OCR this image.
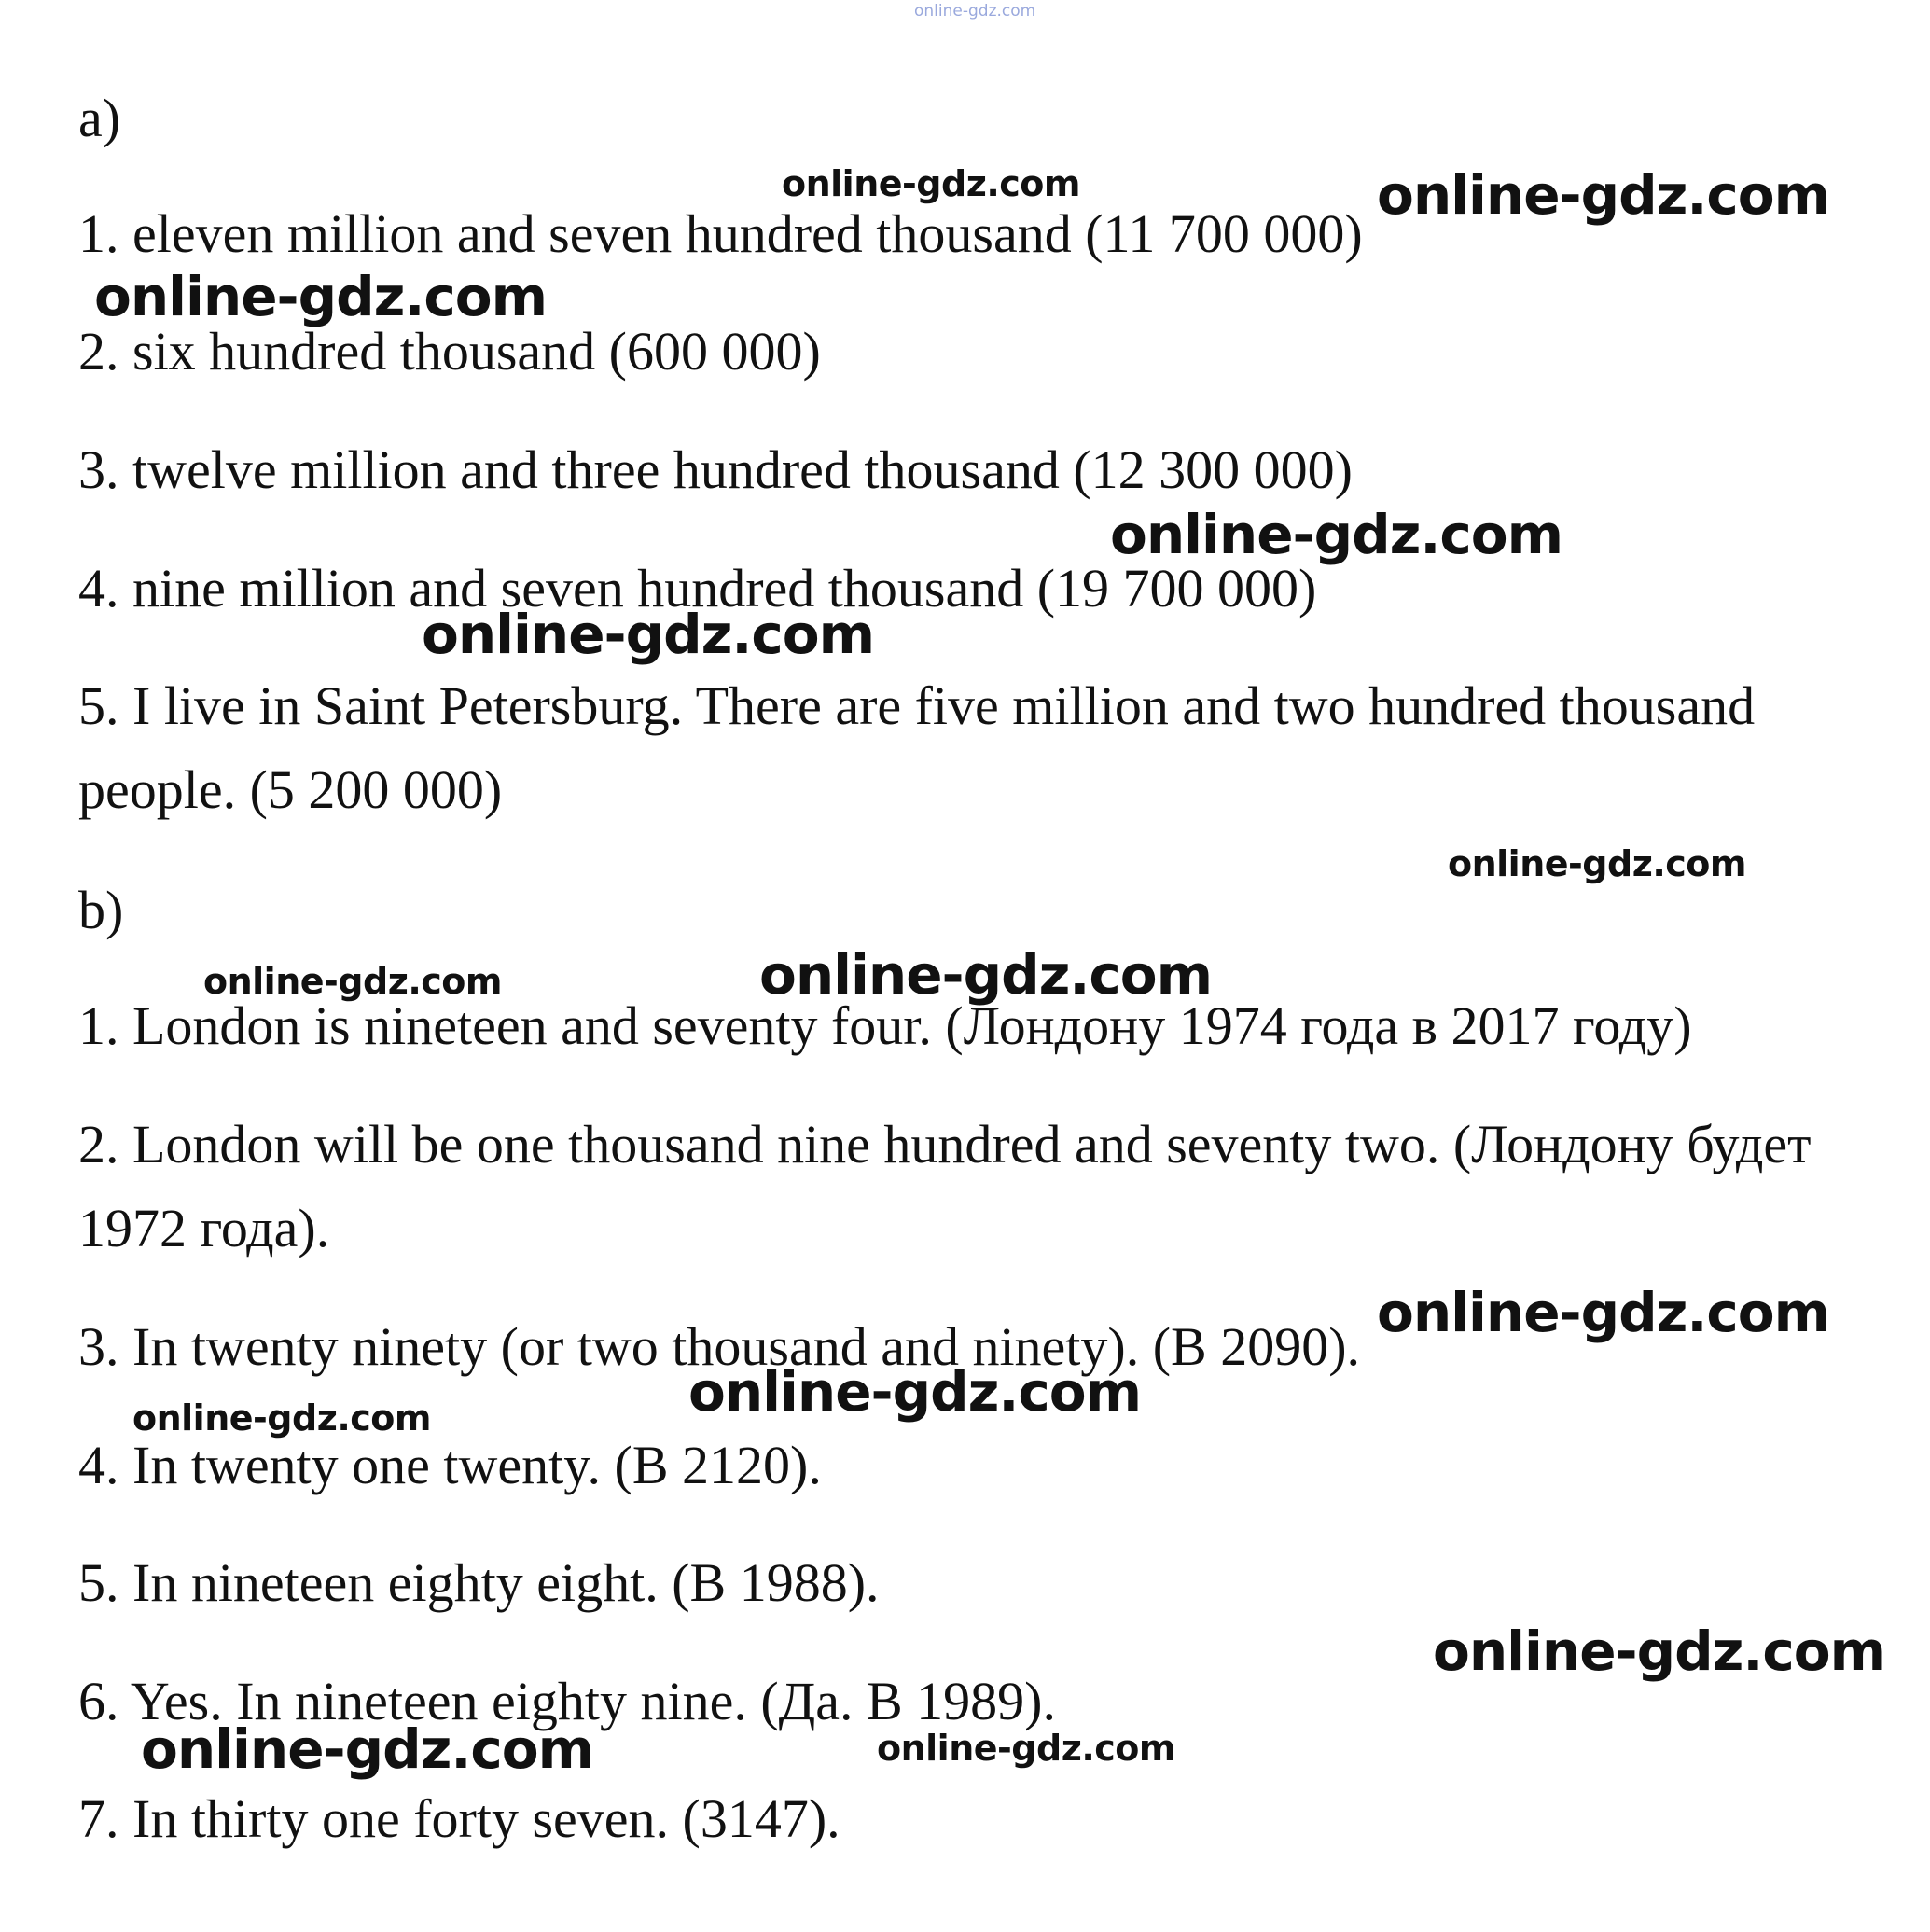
online-gdz.com
a)
1. eleven million and seven hundred thousand (11 700 000)
2. six hundred thousand (600 000)
3. twelve million and three hundred thousand (12 300 000)
4. nine million and seven hundred thousand (19 700 000)
5. I live in Saint Petersburg. There are five million and two hundred thousand
people. (5 200 000)
b)
1. London is nineteen and seventy four. (Лондону 1974 года в 2017 году)
2. London will be one thousand nine hundred and seventy two. (Лондону будет
1972 года).
3. In twenty ninety (or two thousand and ninety). (В 2090).
4. In twenty one twenty. (В 2120).
5. In nineteen eighty eight. (В 1988).
6. Yes. In nineteen eighty nine. (Да. В 1989).
7. In thirty one forty seven. (3147).
online-gdz.com	online-gdz.com
online-gdz.com
online-gdz.com
online-gdz.com
online-gdz.com
online-gdz.com	online-gdz.com
online-gdz.com
online-gdz.com
online-gdz.com
online-gdz.com
online-gdz.com	online-gdz.com
